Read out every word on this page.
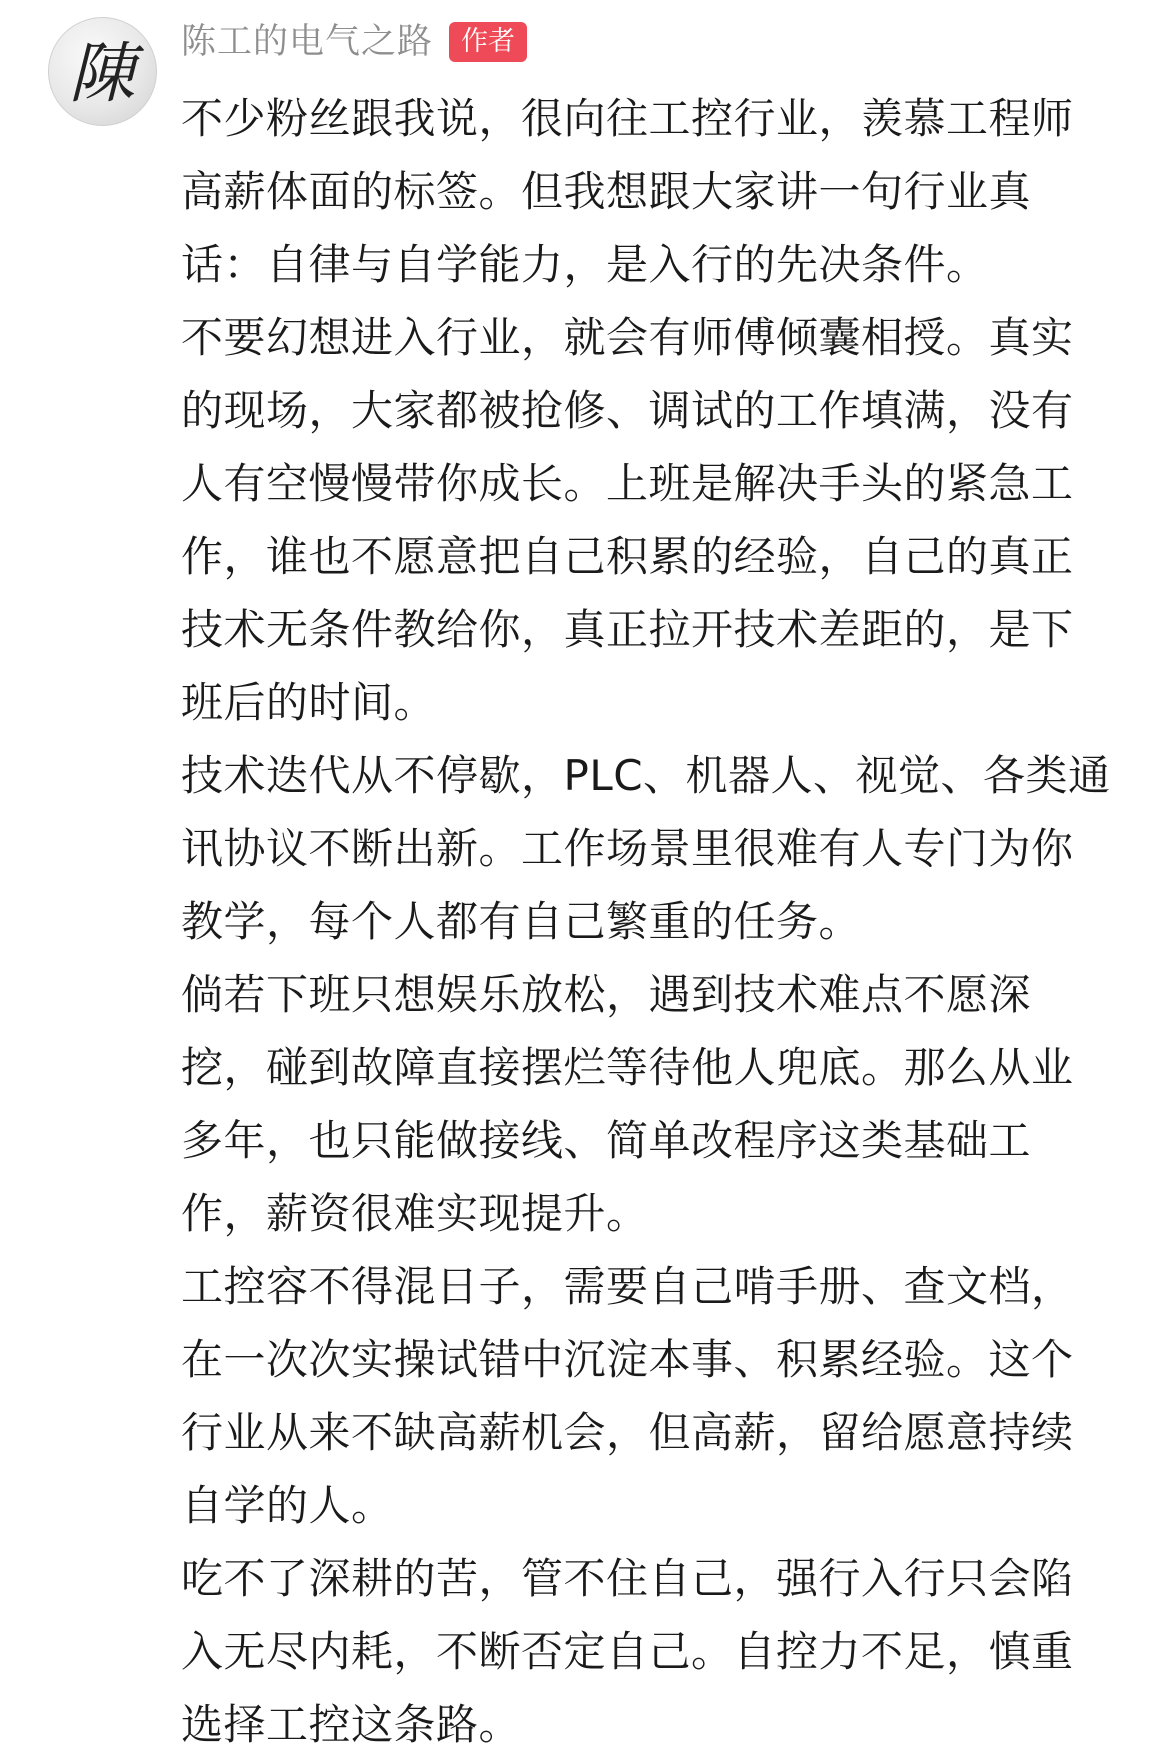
陳 陈工的电气之路	作者

不少粉丝跟我说，很向往工控行业，羡慕工程师高薪体面的标签。但我想跟大家讲一句行业真话：自律与自学能力，是入行的先决条件。

不要幻想进入行业，就会有师傅倾囊相授。真实的现场，大家都被抢修、调试的工作填满，没有人有空慢慢带你成长。上班是解决手头的紧急工作，谁也不愿意把自己积累的经验，自己的真正技术无条件教给你，真正拉开技术差距的，是下班后的时间。

技术迭代从不停歇，PLC、机器人、视觉、各类通讯协议不断出新。工作场景里很难有人专门为你教学，每个人都有自己繁重的任务。

倘若下班只想娱乐放松，遇到技术难点不愿深挖，碰到故障直接摆烂等待他人兜底。那么从业多年，也只能做接线、简单改程序这类基础工作，薪资很难实现提升。

工控容不得混日子，需要自己啃手册、查文档，在一次次实操试错中沉淀本事、积累经验。这个行业从来不缺高薪机会，但高薪，留给愿意持续自学的人。

吃不了深耕的苦，管不住自己，强行入行只会陷入无尽内耗，不断否定自己。自控力不足，慎重选择工控这条路。
